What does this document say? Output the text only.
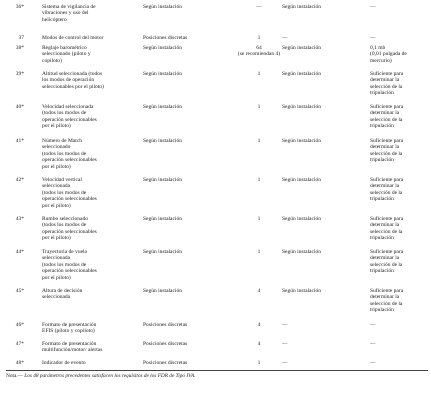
Nota.— Los 48 parámetros precedentes satisfacen los requisitos de los FDR de Tipo IVA.
36*	Sistema de vigilancia de
vibraciones y uso del
helicóptero
Según instalación	—	Según instalación	—
37	Modos de control del motor	Posiciones discretas	1	—	—
38*	Reglaje barométrico
seleccionado (piloto y
copiloto)
Según instalación	64
(se recomiendan 4)
Según instalación	0,1 mb
(0,01 pulgada de
mercurio)
39*	Altitud seleccionada (todos
los modos de operación
seleccionables por el piloto)
Según instalación	1	Según instalación	Suficiente para
determinar la
selección de la
tripulación
40*	Velocidad seleccionada
(todos los modos de
operación seleccionables
por el piloto)
Según instalación	1	Según instalación	Suficiente para
determinar la
selección de la
tripulación
41*	Número de Match
seleccionado
(todos los modos de
operación seleccionables
por el piloto)
Según instalación	1	Según instalación	Suficiente para
determinar la
selección de la
tripulación
42*	Velocidad vertical
seleccionada
(todos los modos de
operación seleccionables
por el piloto)
Según instalación	1	Según instalación	Suficiente para
determinar la
selección de la
tripulación
43*	Rumbo seleccionado
(todos los modos de
operación seleccionables
por el piloto)
Según instalación	1	Según instalación	Suficiente para
determinar la
selección de la
tripulación
44*	Trayectoria de vuelo
seleccionada
(todos los modos de
operación seleccionables
por el piloto)
Según instalación	1	Según instalación	Suficiente para
determinar la
selección de la
tripulación
45*	Altura de decisión
seleccionada
Según instalación	4	Según instalación	Suficiente para
determinar la
selección de la
tripulación
46*	Formato de presentación
EFIS (piloto y copiloto)
Posiciones discretas	4	—	—
47*	Formato de presentación
multifunción/motor/ alertas
Posiciones discretas	4	—	—
48*	Indicador de evento	Posiciones discretas	1	—	—
